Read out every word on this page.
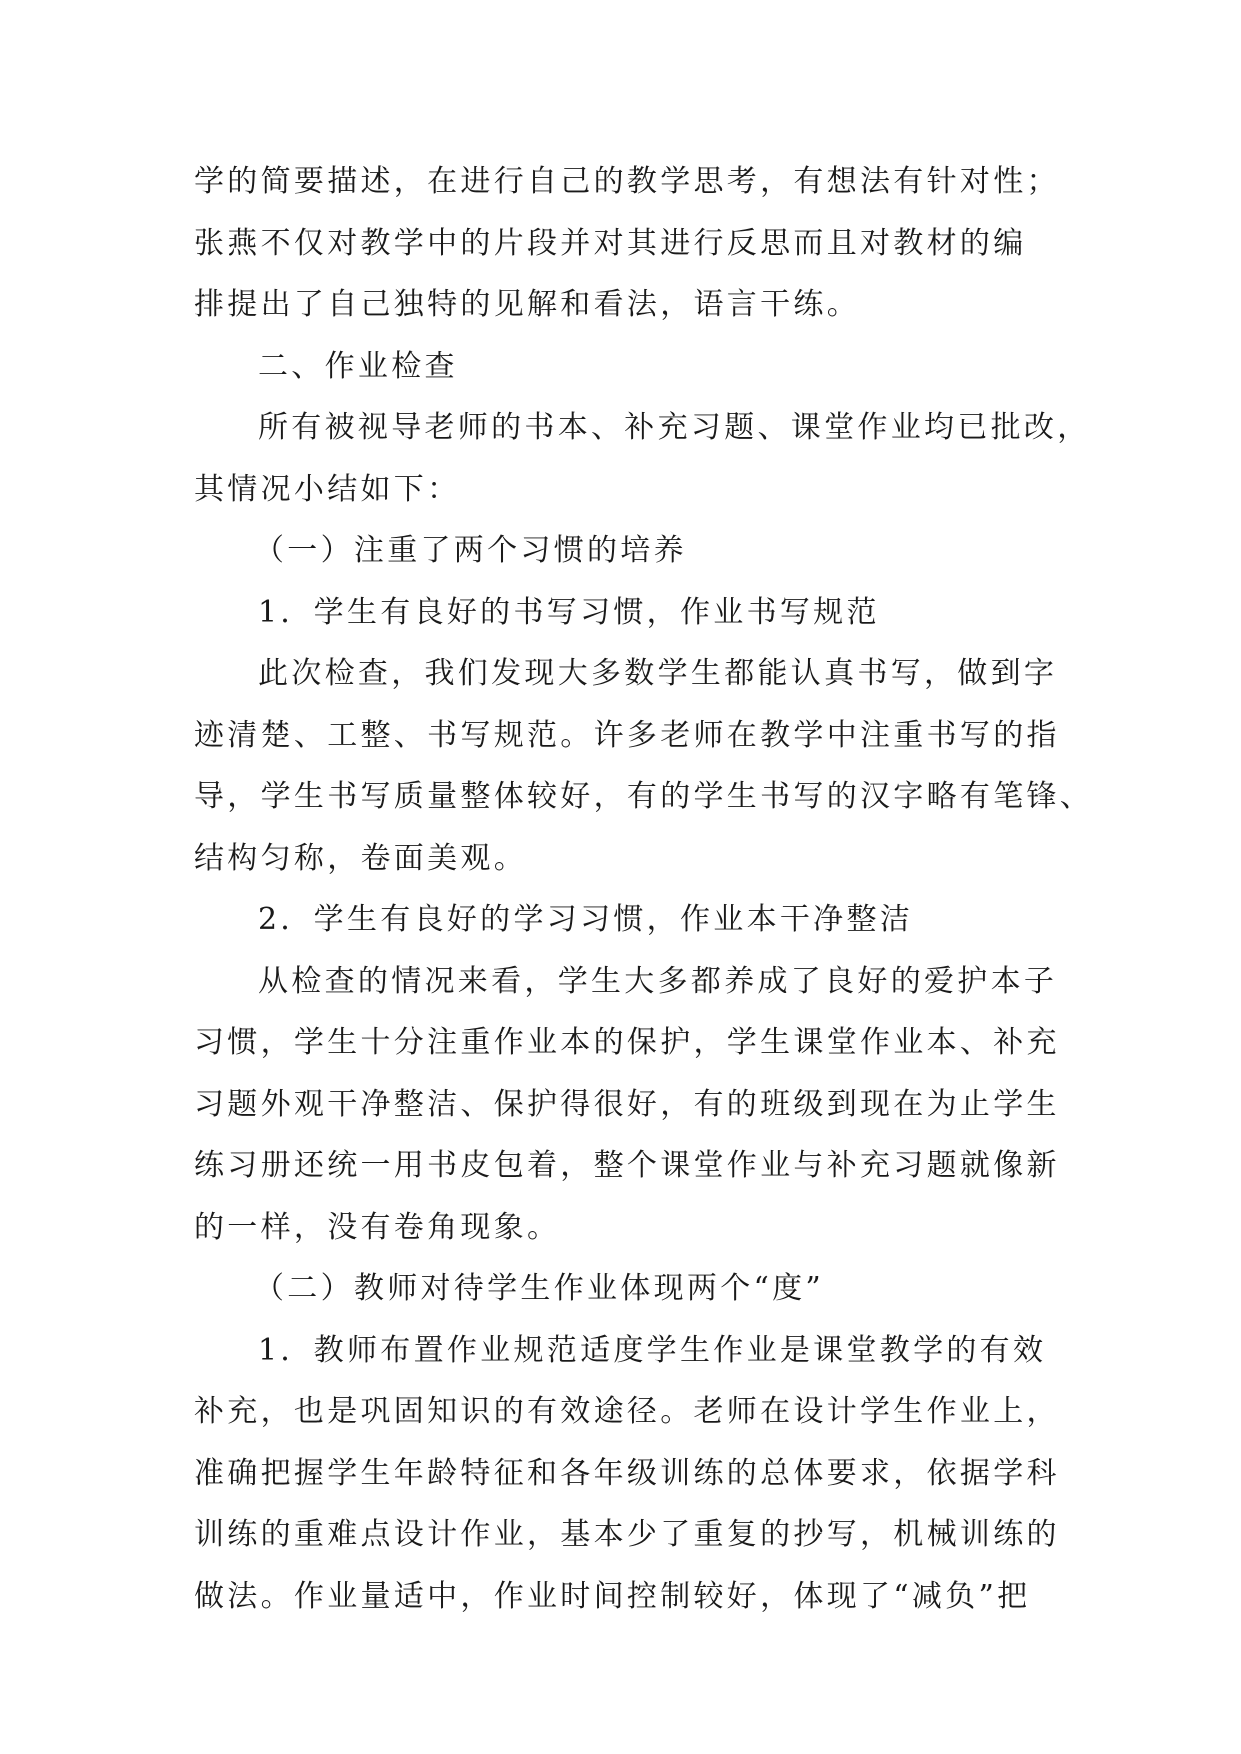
学的简要描述，在进行自己的教学思考，有想法有针对性；
张燕不仅对教学中的片段并对其进行反思而且对教材的编
排提出了自己独特的见解和看法，语言干练。
二、作业检查
所有被视导老师的书本、补充习题、课堂作业均已批改，
其情况小结如下：
（一）注重了两个习惯的培养
1．学生有良好的书写习惯，作业书写规范
此次检查，我们发现大多数学生都能认真书写，做到字
迹清楚、工整、书写规范。许多老师在教学中注重书写的指
导，学生书写质量整体较好，有的学生书写的汉字略有笔锋、
结构匀称，卷面美观。
2．学生有良好的学习习惯，作业本干净整洁
从检查的情况来看，学生大多都养成了良好的爱护本子
习惯，学生十分注重作业本的保护，学生课堂作业本、补充
习题外观干净整洁、保护得很好，有的班级到现在为止学生
练习册还统一用书皮包着，整个课堂作业与补充习题就像新
的一样，没有卷角现象。
（二）教师对待学生作业体现两个“度”
1．教师布置作业规范适度学生作业是课堂教学的有效
补充，也是巩固知识的有效途径。老师在设计学生作业上，
准确把握学生年龄特征和各年级训练的总体要求，依据学科
训练的重难点设计作业，基本少了重复的抄写，机械训练的
做法。作业量适中，作业时间控制较好，体现了“减负”把
